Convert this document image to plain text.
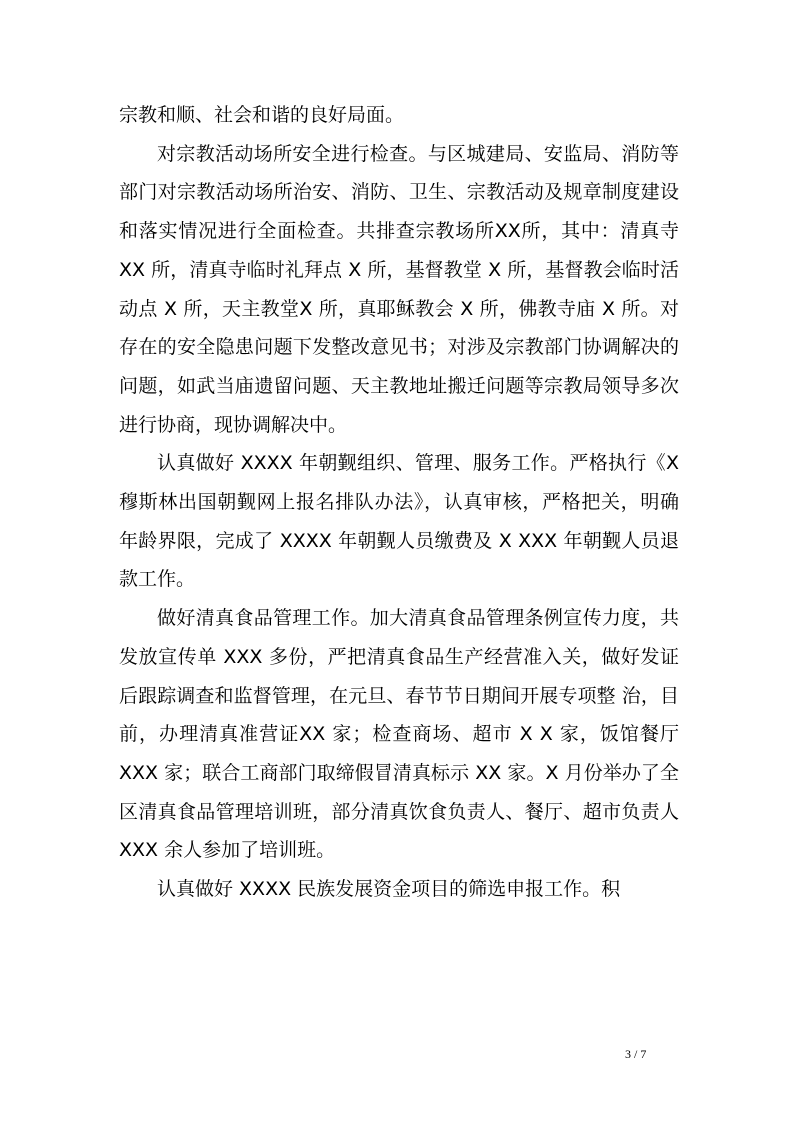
宗教和顺、社会和谐的良好局面。

对宗教活动场所安全进行检查。与区城建局、安监局、消防等部门对宗教活动场所治安、消防、卫生、宗教活动及规章制度建设和落实情况进行全面检查。共排查宗教场所XX所，其中：清真寺 XX 所，清真寺临时礼拜点 X 所，基督教堂 X 所，基督教会临时活动点 X 所，天主教堂X 所，真耶稣教会 X 所，佛教寺庙 X 所。对存在的安全隐患问题下发整改意见书；对涉及宗教部门协调解决的问题，如武当庙遗留问题、天主教地址搬迁问题等宗教局领导多次进行协商，现协调解决中。

认真做好 XXXX 年朝觐组织、管理、服务工作。严格执行《X 穆斯林出国朝觐网上报名排队办法》，认真审核，严格把关，明确年龄界限，完成了 XXXX 年朝觐人员缴费及 X XXX 年朝觐人员退款工作。

做好清真食品管理工作。加大清真食品管理条例宣传力度，共发放宣传单 XXX 多份，严把清真食品生产经营准入关，做好发证后跟踪调查和监督管理，在元旦、春节节日期间开展专项整 治，目前，办理清真准营证XX 家；检查商场、超市 X X 家，饭馆餐厅 XXX 家；联合工商部门取缔假冒清真标示 XX 家。X 月份举办了全区清真食品管理培训班，部分清真饮食负责人、餐厅、超市负责人 XXX 余人参加了培训班。

认真做好 XXXX 民族发展资金项目的筛选申报工作。积

3 / 7
